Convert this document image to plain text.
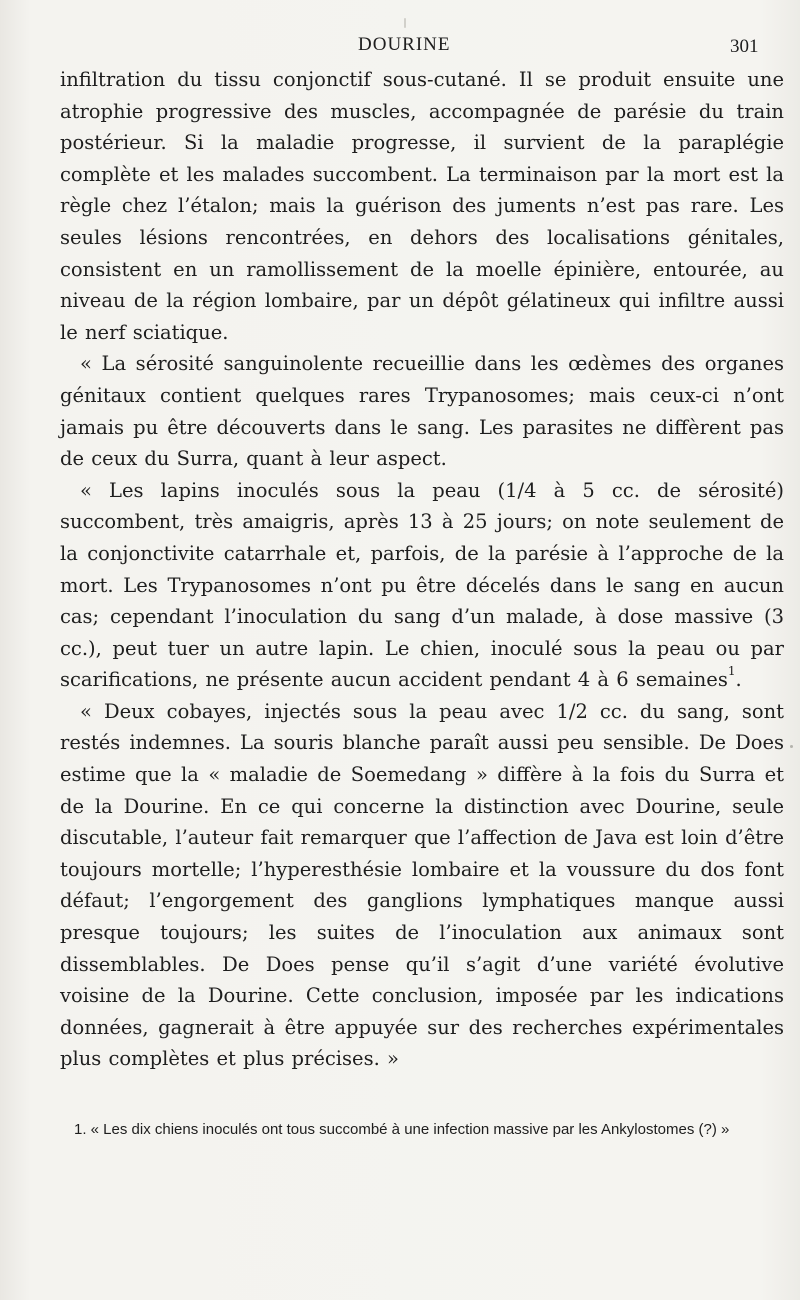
DOURINE	301

infiltration du tissu conjonctif sous-cutané. Il se produit ensuite une atrophie progressive des muscles, accompagnée de parésie du train postérieur. Si la maladie progresse, il survient de la paraplégie complète et les malades succombent. La terminaison par la mort est la règle chez l’étalon; mais la guérison des juments n’est pas rare. Les seules lésions rencontrées, en dehors des localisations génitales, consistent en un ramollissement de la moelle épinière, entourée, au niveau de la région lombaire, par un dépôt gélatineux qui infiltre aussi le nerf sciatique.

« La sérosité sanguinolente recueillie dans les œdèmes des organes génitaux contient quelques rares Trypanosomes; mais ceux-ci n’ont jamais pu être découverts dans le sang. Les parasites ne diffèrent pas de ceux du Surra, quant à leur aspect.

« Les lapins inoculés sous la peau (1/4 à 5 cc. de sérosité) succombent, très amaigris, après 13 à 25 jours; on note seulement de la conjonctivite catarrhale et, parfois, de la parésie à l’approche de la mort. Les Trypanosomes n’ont pu être décelés dans le sang en aucun cas; cependant l’inoculation du sang d’un malade, à dose massive (3 cc.), peut tuer un autre lapin. Le chien, inoculé sous la peau ou par scarifications, ne présente aucun accident pendant 4 à 6 semaines$^1$.

« Deux cobayes, injectés sous la peau avec 1/2 cc. du sang, sont restés indemnes. La souris blanche paraît aussi peu sensible. De Does estime que la « maladie de Soemedang » diffère à la fois du Surra et de la Dourine. En ce qui concerne la distinction avec Dourine, seule discutable, l’auteur fait remarquer que l’affection de Java est loin d’être toujours mortelle; l’hyperesthésie lombaire et la voussure du dos font défaut; l’engorgement des ganglions lymphatiques manque aussi presque toujours; les suites de l’inoculation aux animaux sont dissemblables. De Does pense qu’il s’agit d’une variété évolutive voisine de la Dourine. Cette conclusion, imposée par les indications données, gagnerait à être appuyée sur des recherches expérimentales plus complètes et plus précises. »

1. « Les dix chiens inoculés ont tous succombé à une infection massive par les Ankylostomes (?) »
